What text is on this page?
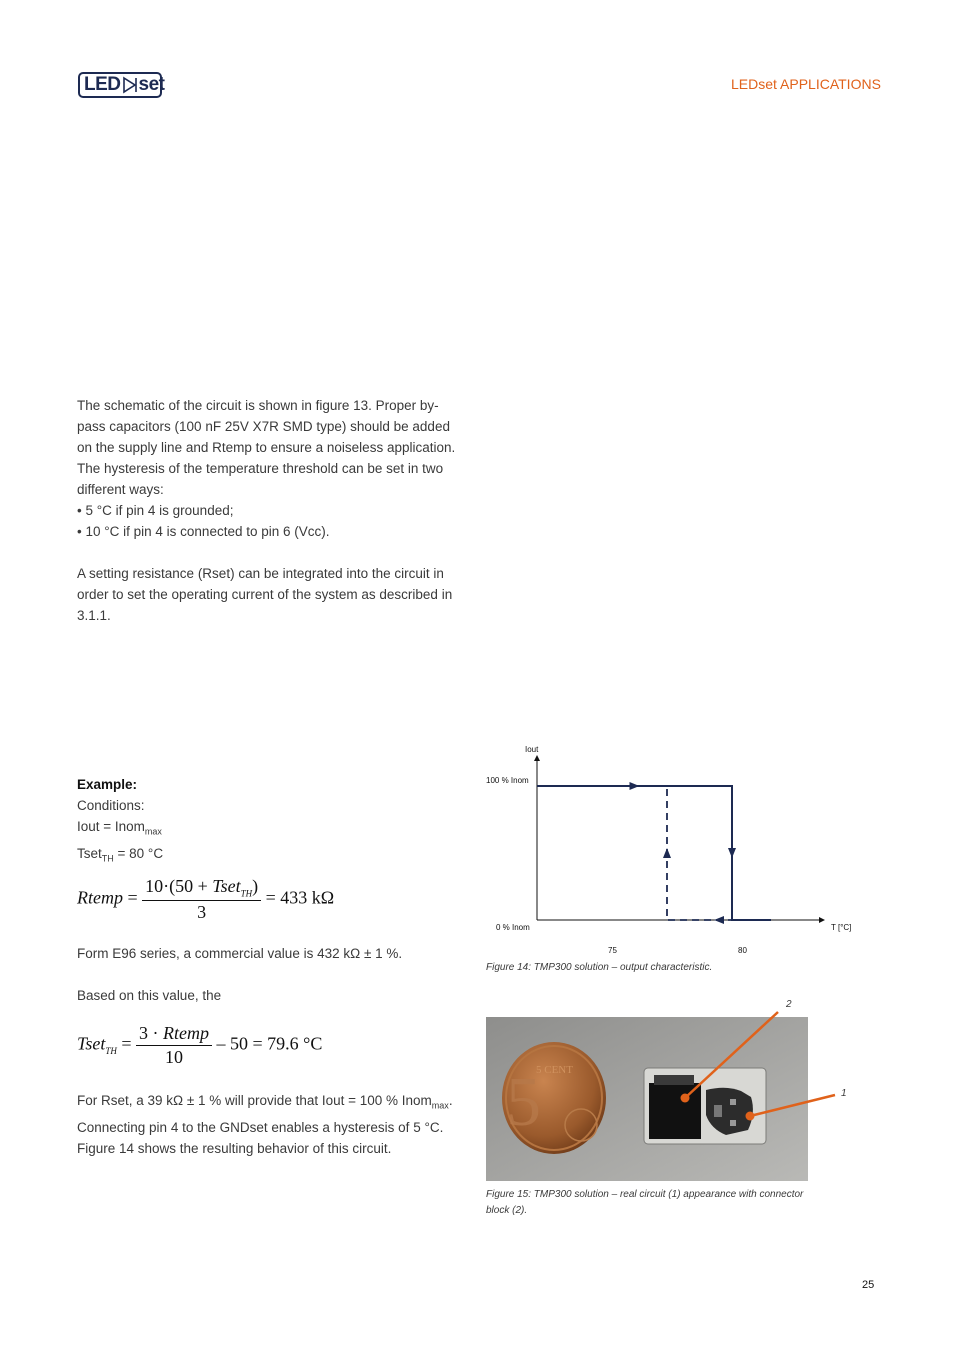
LED set	LEDset APPLICATIONS

The schematic of the circuit is shown in figure 13. Proper by-pass capacitors (100 nF 25V X7R SMD type) should be added on the supply line and Rtemp to ensure a noiseless application.

The hysteresis of the temperature threshold can be set in two different ways:

• 5 °C if pin 4 is grounded;

• 10 °C if pin 4 is connected to pin 6 (Vcc).

A setting resistance (Rset) can be integrated into the circuit in order to set the operating current of the system as described in 3.1.1.

Example:

Conditions:

Iout = Inom$_{max}$

Tset$_{TH}$ = 80 °C

Rtemp = $\frac{10\cdot(50 + Tset_{TH})}{3} = 433$ kΩ
Form E96 series, a commercial value is 432 kΩ ± 1 %.
Based on this value, the
Tset$_{TH}$ = $\frac{\text{3 · Rtemp}}{10} - 50 = 79.6$ °C

For Rset, a 39 kΩ ± 1 % will provide that Iout = 100 % Inom$_{max}$. Connecting pin 4 to the GNDset enables a hysteresis of 5 °C. Figure 14 shows the resulting behavior of this circuit.

Iout
T [°C]
100 % Inom
0 % Inom
75	80
Figure 14: TMP300 solution – output characteristic.
5
5 CENT
2
1
Figure 15: TMP300 solution – real circuit (1) appearance with connector block (2).
25
